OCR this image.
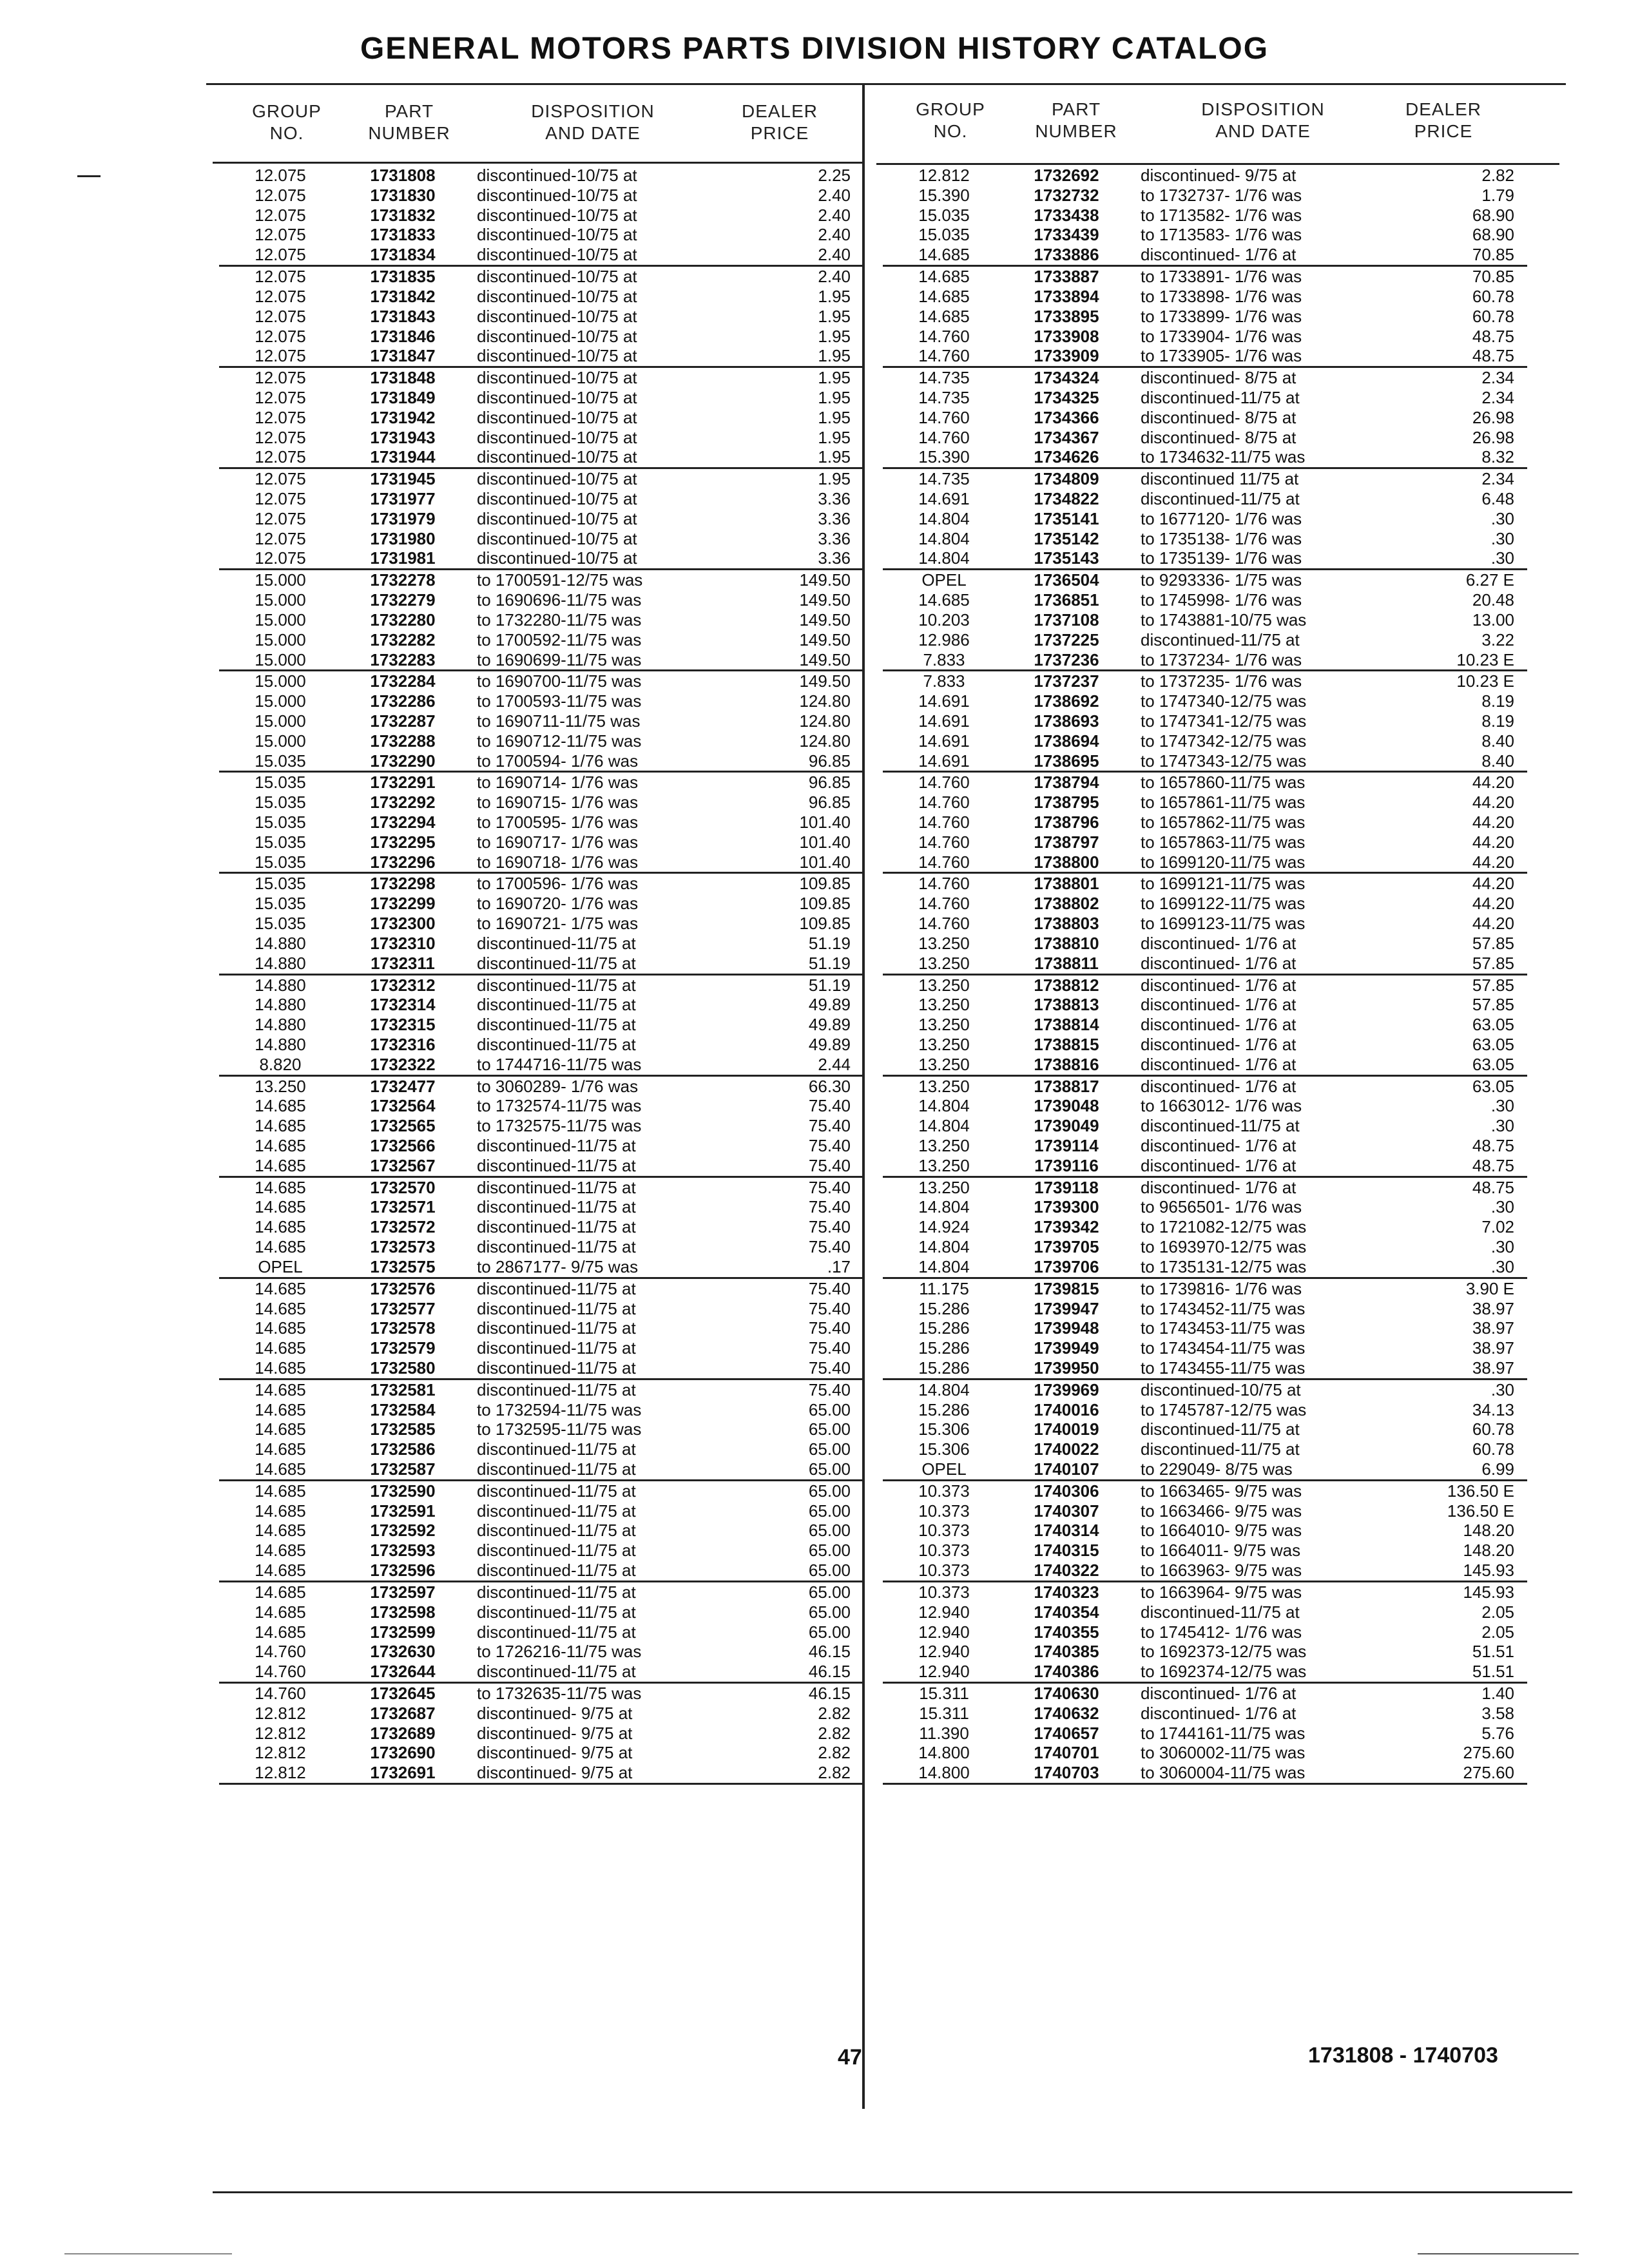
GENERAL MOTORS PARTS DIVISION HISTORY CATALOG
GROUP
NO.
PART
NUMBER
DISPOSITION
AND DATE
DEALER
PRICE
GROUP
NO.
PART
NUMBER
DISPOSITION
AND DATE
DEALER
PRICE
12.075	1731808	discontinued-10/75 at	2.25
12.075	1731830	discontinued-10/75 at	2.40
12.075	1731832	discontinued-10/75 at	2.40
12.075	1731833	discontinued-10/75 at	2.40
12.075	1731834	discontinued-10/75 at	2.40
12.075	1731835	discontinued-10/75 at	2.40
12.075	1731842	discontinued-10/75 at	1.95
12.075	1731843	discontinued-10/75 at	1.95
12.075	1731846	discontinued-10/75 at	1.95
12.075	1731847	discontinued-10/75 at	1.95
12.075	1731848	discontinued-10/75 at	1.95
12.075	1731849	discontinued-10/75 at	1.95
12.075	1731942	discontinued-10/75 at	1.95
12.075	1731943	discontinued-10/75 at	1.95
12.075	1731944	discontinued-10/75 at	1.95
12.075	1731945	discontinued-10/75 at	1.95
12.075	1731977	discontinued-10/75 at	3.36
12.075	1731979	discontinued-10/75 at	3.36
12.075	1731980	discontinued-10/75 at	3.36
12.075	1731981	discontinued-10/75 at	3.36
15.000	1732278	to 1700591-12/75 was	149.50
15.000	1732279	to 1690696-11/75 was	149.50
15.000	1732280	to 1732280-11/75 was	149.50
15.000	1732282	to 1700592-11/75 was	149.50
15.000	1732283	to 1690699-11/75 was	149.50
15.000	1732284	to 1690700-11/75 was	149.50
15.000	1732286	to 1700593-11/75 was	124.80
15.000	1732287	to 1690711-11/75 was	124.80
15.000	1732288	to 1690712-11/75 was	124.80
15.035	1732290	to 1700594- 1/76 was	96.85
15.035	1732291	to 1690714- 1/76 was	96.85
15.035	1732292	to 1690715- 1/76 was	96.85
15.035	1732294	to 1700595- 1/76 was	101.40
15.035	1732295	to 1690717- 1/76 was	101.40
15.035	1732296	to 1690718- 1/76 was	101.40
15.035	1732298	to 1700596- 1/76 was	109.85
15.035	1732299	to 1690720- 1/76 was	109.85
15.035	1732300	to 1690721- 1/75 was	109.85
14.880	1732310	discontinued-11/75 at	51.19
14.880	1732311	discontinued-11/75 at	51.19
14.880	1732312	discontinued-11/75 at	51.19
14.880	1732314	discontinued-11/75 at	49.89
14.880	1732315	discontinued-11/75 at	49.89
14.880	1732316	discontinued-11/75 at	49.89
8.820	1732322	to 1744716-11/75 was	2.44
13.250	1732477	to 3060289- 1/76 was	66.30
14.685	1732564	to 1732574-11/75 was	75.40
14.685	1732565	to 1732575-11/75 was	75.40
14.685	1732566	discontinued-11/75 at	75.40
14.685	1732567	discontinued-11/75 at	75.40
14.685	1732570	discontinued-11/75 at	75.40
14.685	1732571	discontinued-11/75 at	75.40
14.685	1732572	discontinued-11/75 at	75.40
14.685	1732573	discontinued-11/75 at	75.40
OPEL	1732575	to 2867177- 9/75 was	.17
14.685	1732576	discontinued-11/75 at	75.40
14.685	1732577	discontinued-11/75 at	75.40
14.685	1732578	discontinued-11/75 at	75.40
14.685	1732579	discontinued-11/75 at	75.40
14.685	1732580	discontinued-11/75 at	75.40
14.685	1732581	discontinued-11/75 at	75.40
14.685	1732584	to 1732594-11/75 was	65.00
14.685	1732585	to 1732595-11/75 was	65.00
14.685	1732586	discontinued-11/75 at	65.00
14.685	1732587	discontinued-11/75 at	65.00
14.685	1732590	discontinued-11/75 at	65.00
14.685	1732591	discontinued-11/75 at	65.00
14.685	1732592	discontinued-11/75 at	65.00
14.685	1732593	discontinued-11/75 at	65.00
14.685	1732596	discontinued-11/75 at	65.00
14.685	1732597	discontinued-11/75 at	65.00
14.685	1732598	discontinued-11/75 at	65.00
14.685	1732599	discontinued-11/75 at	65.00
14.760	1732630	to 1726216-11/75 was	46.15
14.760	1732644	discontinued-11/75 at	46.15
14.760	1732645	to 1732635-11/75 was	46.15
12.812	1732687	discontinued- 9/75 at	2.82
12.812	1732689	discontinued- 9/75 at	2.82
12.812	1732690	discontinued- 9/75 at	2.82
12.812	1732691	discontinued- 9/75 at	2.82
12.812	1732692	discontinued- 9/75 at	2.82
15.390	1732732	to 1732737- 1/76 was	1.79
15.035	1733438	to 1713582- 1/76 was	68.90
15.035	1733439	to 1713583- 1/76 was	68.90
14.685	1733886	discontinued- 1/76 at	70.85
14.685	1733887	to 1733891- 1/76 was	70.85
14.685	1733894	to 1733898- 1/76 was	60.78
14.685	1733895	to 1733899- 1/76 was	60.78
14.760	1733908	to 1733904- 1/76 was	48.75
14.760	1733909	to 1733905- 1/76 was	48.75
14.735	1734324	discontinued- 8/75 at	2.34
14.735	1734325	discontinued-11/75 at	2.34
14.760	1734366	discontinued- 8/75 at	26.98
14.760	1734367	discontinued- 8/75 at	26.98
15.390	1734626	to 1734632-11/75 was	8.32
14.735	1734809	discontinued 11/75 at	2.34
14.691	1734822	discontinued-11/75 at	6.48
14.804	1735141	to 1677120- 1/76 was	.30
14.804	1735142	to 1735138- 1/76 was	.30
14.804	1735143	to 1735139- 1/76 was	.30
OPEL	1736504	to 9293336- 1/75 was	6.27 E
14.685	1736851	to 1745998- 1/76 was	20.48
10.203	1737108	to 1743881-10/75 was	13.00
12.986	1737225	discontinued-11/75 at	3.22
7.833	1737236	to 1737234- 1/76 was	10.23 E
7.833	1737237	to 1737235- 1/76 was	10.23 E
14.691	1738692	to 1747340-12/75 was	8.19
14.691	1738693	to 1747341-12/75 was	8.19
14.691	1738694	to 1747342-12/75 was	8.40
14.691	1738695	to 1747343-12/75 was	8.40
14.760	1738794	to 1657860-11/75 was	44.20
14.760	1738795	to 1657861-11/75 was	44.20
14.760	1738796	to 1657862-11/75 was	44.20
14.760	1738797	to 1657863-11/75 was	44.20
14.760	1738800	to 1699120-11/75 was	44.20
14.760	1738801	to 1699121-11/75 was	44.20
14.760	1738802	to 1699122-11/75 was	44.20
14.760	1738803	to 1699123-11/75 was	44.20
13.250	1738810	discontinued- 1/76 at	57.85
13.250	1738811	discontinued- 1/76 at	57.85
13.250	1738812	discontinued- 1/76 at	57.85
13.250	1738813	discontinued- 1/76 at	57.85
13.250	1738814	discontinued- 1/76 at	63.05
13.250	1738815	discontinued- 1/76 at	63.05
13.250	1738816	discontinued- 1/76 at	63.05
13.250	1738817	discontinued- 1/76 at	63.05
14.804	1739048	to 1663012- 1/76 was	.30
14.804	1739049	discontinued-11/75 at	.30
13.250	1739114	discontinued- 1/76 at	48.75
13.250	1739116	discontinued- 1/76 at	48.75
13.250	1739118	discontinued- 1/76 at	48.75
14.804	1739300	to 9656501- 1/76 was	.30
14.924	1739342	to 1721082-12/75 was	7.02
14.804	1739705	to 1693970-12/75 was	.30
14.804	1739706	to 1735131-12/75 was	.30
11.175	1739815	to 1739816- 1/76 was	3.90 E
15.286	1739947	to 1743452-11/75 was	38.97
15.286	1739948	to 1743453-11/75 was	38.97
15.286	1739949	to 1743454-11/75 was	38.97
15.286	1739950	to 1743455-11/75 was	38.97
14.804	1739969	discontinued-10/75 at	.30
15.286	1740016	to 1745787-12/75 was	34.13
15.306	1740019	discontinued-11/75 at	60.78
15.306	1740022	discontinued-11/75 at	60.78
OPEL	1740107	to 229049- 8/75 was	6.99
10.373	1740306	to 1663465- 9/75 was	136.50 E
10.373	1740307	to 1663466- 9/75 was	136.50 E
10.373	1740314	to 1664010- 9/75 was	148.20
10.373	1740315	to 1664011- 9/75 was	148.20
10.373	1740322	to 1663963- 9/75 was	145.93
10.373	1740323	to 1663964- 9/75 was	145.93
12.940	1740354	discontinued-11/75 at	2.05
12.940	1740355	to 1745412- 1/76 was	2.05
12.940	1740385	to 1692373-12/75 was	51.51
12.940	1740386	to 1692374-12/75 was	51.51
15.311	1740630	discontinued- 1/76 at	1.40
15.311	1740632	discontinued- 1/76 at	3.58
11.390	1740657	to 1744161-11/75 was	5.76
14.800	1740701	to 3060002-11/75 was	275.60
14.800	1740703	to 3060004-11/75 was	275.60
47	1731808 - 1740703
